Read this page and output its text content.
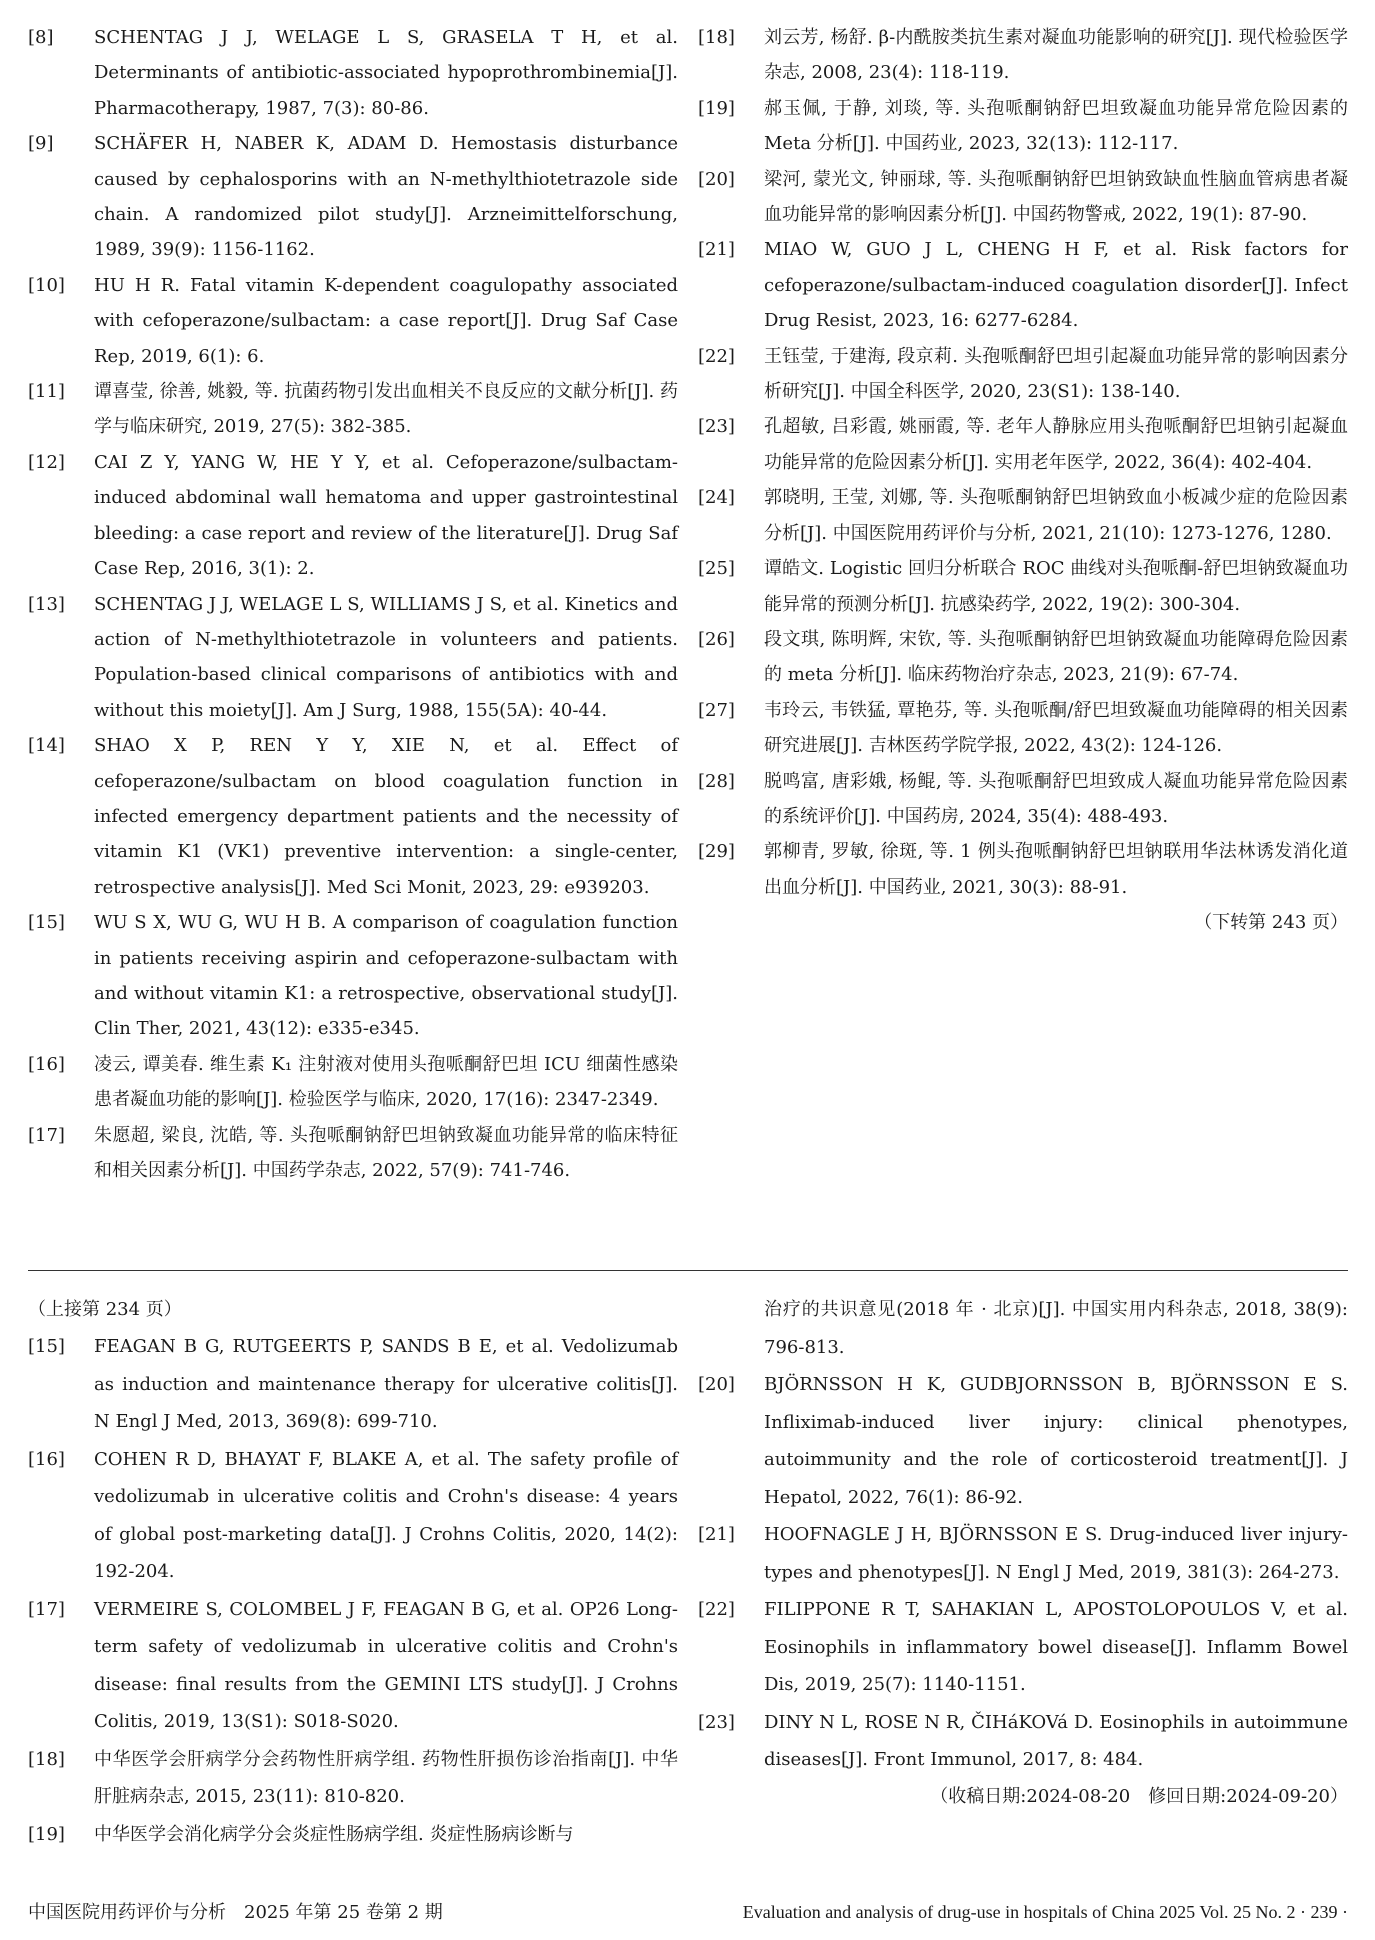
[8]	SCHENTAG J J, WELAGE L S, GRASELA T H, et al. Determinants of antibiotic-associated hypoprothrombinemia[J]. Pharmacotherapy, 1987, 7(3): 80-86.
[9]	SCHÄFER H, NABER K, ADAM D. Hemostasis disturbance caused by cephalosporins with an N-methylthiotetrazole side chain. A randomized pilot study[J]. Arzneimittelforschung, 1989, 39(9): 1156-1162.
[10]	HU H R. Fatal vitamin K-dependent coagulopathy associated with cefoperazone/sulbactam: a case report[J]. Drug Saf Case Rep, 2019, 6(1): 6.
[11]	谭喜莹, 徐善, 姚毅, 等. 抗菌药物引发出血相关不良反应的文献分析[J]. 药学与临床研究, 2019, 27(5): 382-385.
[12]	CAI Z Y, YANG W, HE Y Y, et al. Cefoperazone/sulbactam-induced abdominal wall hematoma and upper gastrointestinal bleeding: a case report and review of the literature[J]. Drug Saf Case Rep, 2016, 3(1): 2.
[13]	SCHENTAG J J, WELAGE L S, WILLIAMS J S, et al. Kinetics and action of N-methylthiotetrazole in volunteers and patients. Population-based clinical comparisons of antibiotics with and without this moiety[J]. Am J Surg, 1988, 155(5A): 40-44.
[14]	SHAO X P, REN Y Y, XIE N, et al. Effect of cefoperazone/sulbactam on blood coagulation function in infected emergency department patients and the necessity of vitamin K1 (VK1) preventive intervention: a single-center, retrospective analysis[J]. Med Sci Monit, 2023, 29: e939203.
[15]	WU S X, WU G, WU H B. A comparison of coagulation function in patients receiving aspirin and cefoperazone-sulbactam with and without vitamin K1: a retrospective, observational study[J]. Clin Ther, 2021, 43(12): e335-e345.
[16]	凌云, 谭美春. 维生素 K₁ 注射液对使用头孢哌酮舒巴坦 ICU 细菌性感染患者凝血功能的影响[J]. 检验医学与临床, 2020, 17(16): 2347-2349.
[17]	朱愿超, 梁良, 沈皓, 等. 头孢哌酮钠舒巴坦钠致凝血功能异常的临床特征和相关因素分析[J]. 中国药学杂志, 2022, 57(9): 741-746.
[18]	刘云芳, 杨舒. β-内酰胺类抗生素对凝血功能影响的研究[J]. 现代检验医学杂志, 2008, 23(4): 118-119.
[19]	郝玉佩, 于静, 刘琰, 等. 头孢哌酮钠舒巴坦致凝血功能异常危险因素的 Meta 分析[J]. 中国药业, 2023, 32(13): 112-117.
[20]	梁河, 蒙光文, 钟丽球, 等. 头孢哌酮钠舒巴坦钠致缺血性脑血管病患者凝血功能异常的影响因素分析[J]. 中国药物警戒, 2022, 19(1): 87-90.
[21]	MIAO W, GUO J L, CHENG H F, et al. Risk factors for cefoperazone/sulbactam-induced coagulation disorder[J]. Infect Drug Resist, 2023, 16: 6277-6284.
[22]	王钰莹, 于建海, 段京莉. 头孢哌酮舒巴坦引起凝血功能异常的影响因素分析研究[J]. 中国全科医学, 2020, 23(S1): 138-140.
[23]	孔超敏, 吕彩霞, 姚丽霞, 等. 老年人静脉应用头孢哌酮舒巴坦钠引起凝血功能异常的危险因素分析[J]. 实用老年医学, 2022, 36(4): 402-404.
[24]	郭晓明, 王莹, 刘娜, 等. 头孢哌酮钠舒巴坦钠致血小板减少症的危险因素分析[J]. 中国医院用药评价与分析, 2021, 21(10): 1273-1276, 1280.
[25]	谭皓文. Logistic 回归分析联合 ROC 曲线对头孢哌酮-舒巴坦钠致凝血功能异常的预测分析[J]. 抗感染药学, 2022, 19(2): 300-304.
[26]	段文琪, 陈明辉, 宋钦, 等. 头孢哌酮钠舒巴坦钠致凝血功能障碍危险因素的 meta 分析[J]. 临床药物治疗杂志, 2023, 21(9): 67-74.
[27]	韦玲云, 韦铁猛, 覃艳芬, 等. 头孢哌酮/舒巴坦致凝血功能障碍的相关因素研究进展[J]. 吉林医药学院学报, 2022, 43(2): 124-126.
[28]	脱鸣富, 唐彩娥, 杨鲲, 等. 头孢哌酮舒巴坦致成人凝血功能异常危险因素的系统评价[J]. 中国药房, 2024, 35(4): 488-493.
[29]	郭柳青, 罗敏, 徐斑, 等. 1 例头孢哌酮钠舒巴坦钠联用华法林诱发消化道出血分析[J]. 中国药业, 2021, 30(3): 88-91.
（下转第 243 页）
（上接第 234 页）
[15]	FEAGAN B G, RUTGEERTS P, SANDS B E, et al. Vedolizumab as induction and maintenance therapy for ulcerative colitis[J]. N Engl J Med, 2013, 369(8): 699-710.
[16]	COHEN R D, BHAYAT F, BLAKE A, et al. The safety profile of vedolizumab in ulcerative colitis and Crohn's disease: 4 years of global post-marketing data[J]. J Crohns Colitis, 2020, 14(2): 192-204.
[17]	VERMEIRE S, COLOMBEL J F, FEAGAN B G, et al. OP26 Long-term safety of vedolizumab in ulcerative colitis and Crohn's disease: final results from the GEMINI LTS study[J]. J Crohns Colitis, 2019, 13(S1): S018-S020.
[18]	中华医学会肝病学分会药物性肝病学组. 药物性肝损伤诊治指南[J]. 中华肝脏病杂志, 2015, 23(11): 810-820.
[19]	中华医学会消化病学分会炎症性肠病学组. 炎症性肠病诊断与
治疗的共识意见(2018 年 · 北京)[J]. 中国实用内科杂志, 2018, 38(9): 796-813.
[20]	BJÖRNSSON H K, GUDBJORNSSON B, BJÖRNSSON E S. Infliximab-induced liver injury: clinical phenotypes, autoimmunity and the role of corticosteroid treatment[J]. J Hepatol, 2022, 76(1): 86-92.
[21]	HOOFNAGLE J H, BJÖRNSSON E S. Drug-induced liver injury-types and phenotypes[J]. N Engl J Med, 2019, 381(3): 264-273.
[22]	FILIPPONE R T, SAHAKIAN L, APOSTOLOPOULOS V, et al. Eosinophils in inflammatory bowel disease[J]. Inflamm Bowel Dis, 2019, 25(7): 1140-1151.
[23]	DINY N L, ROSE N R, ČIHáKOVá D. Eosinophils in autoimmune diseases[J]. Front Immunol, 2017, 8: 484.
（收稿日期:2024-08-20　修回日期:2024-09-20）
中国医院用药评价与分析　2025 年第 25 卷第 2 期	Evaluation and analysis of drug-use in hospitals of China 2025 Vol. 25 No. 2 · 239 ·
